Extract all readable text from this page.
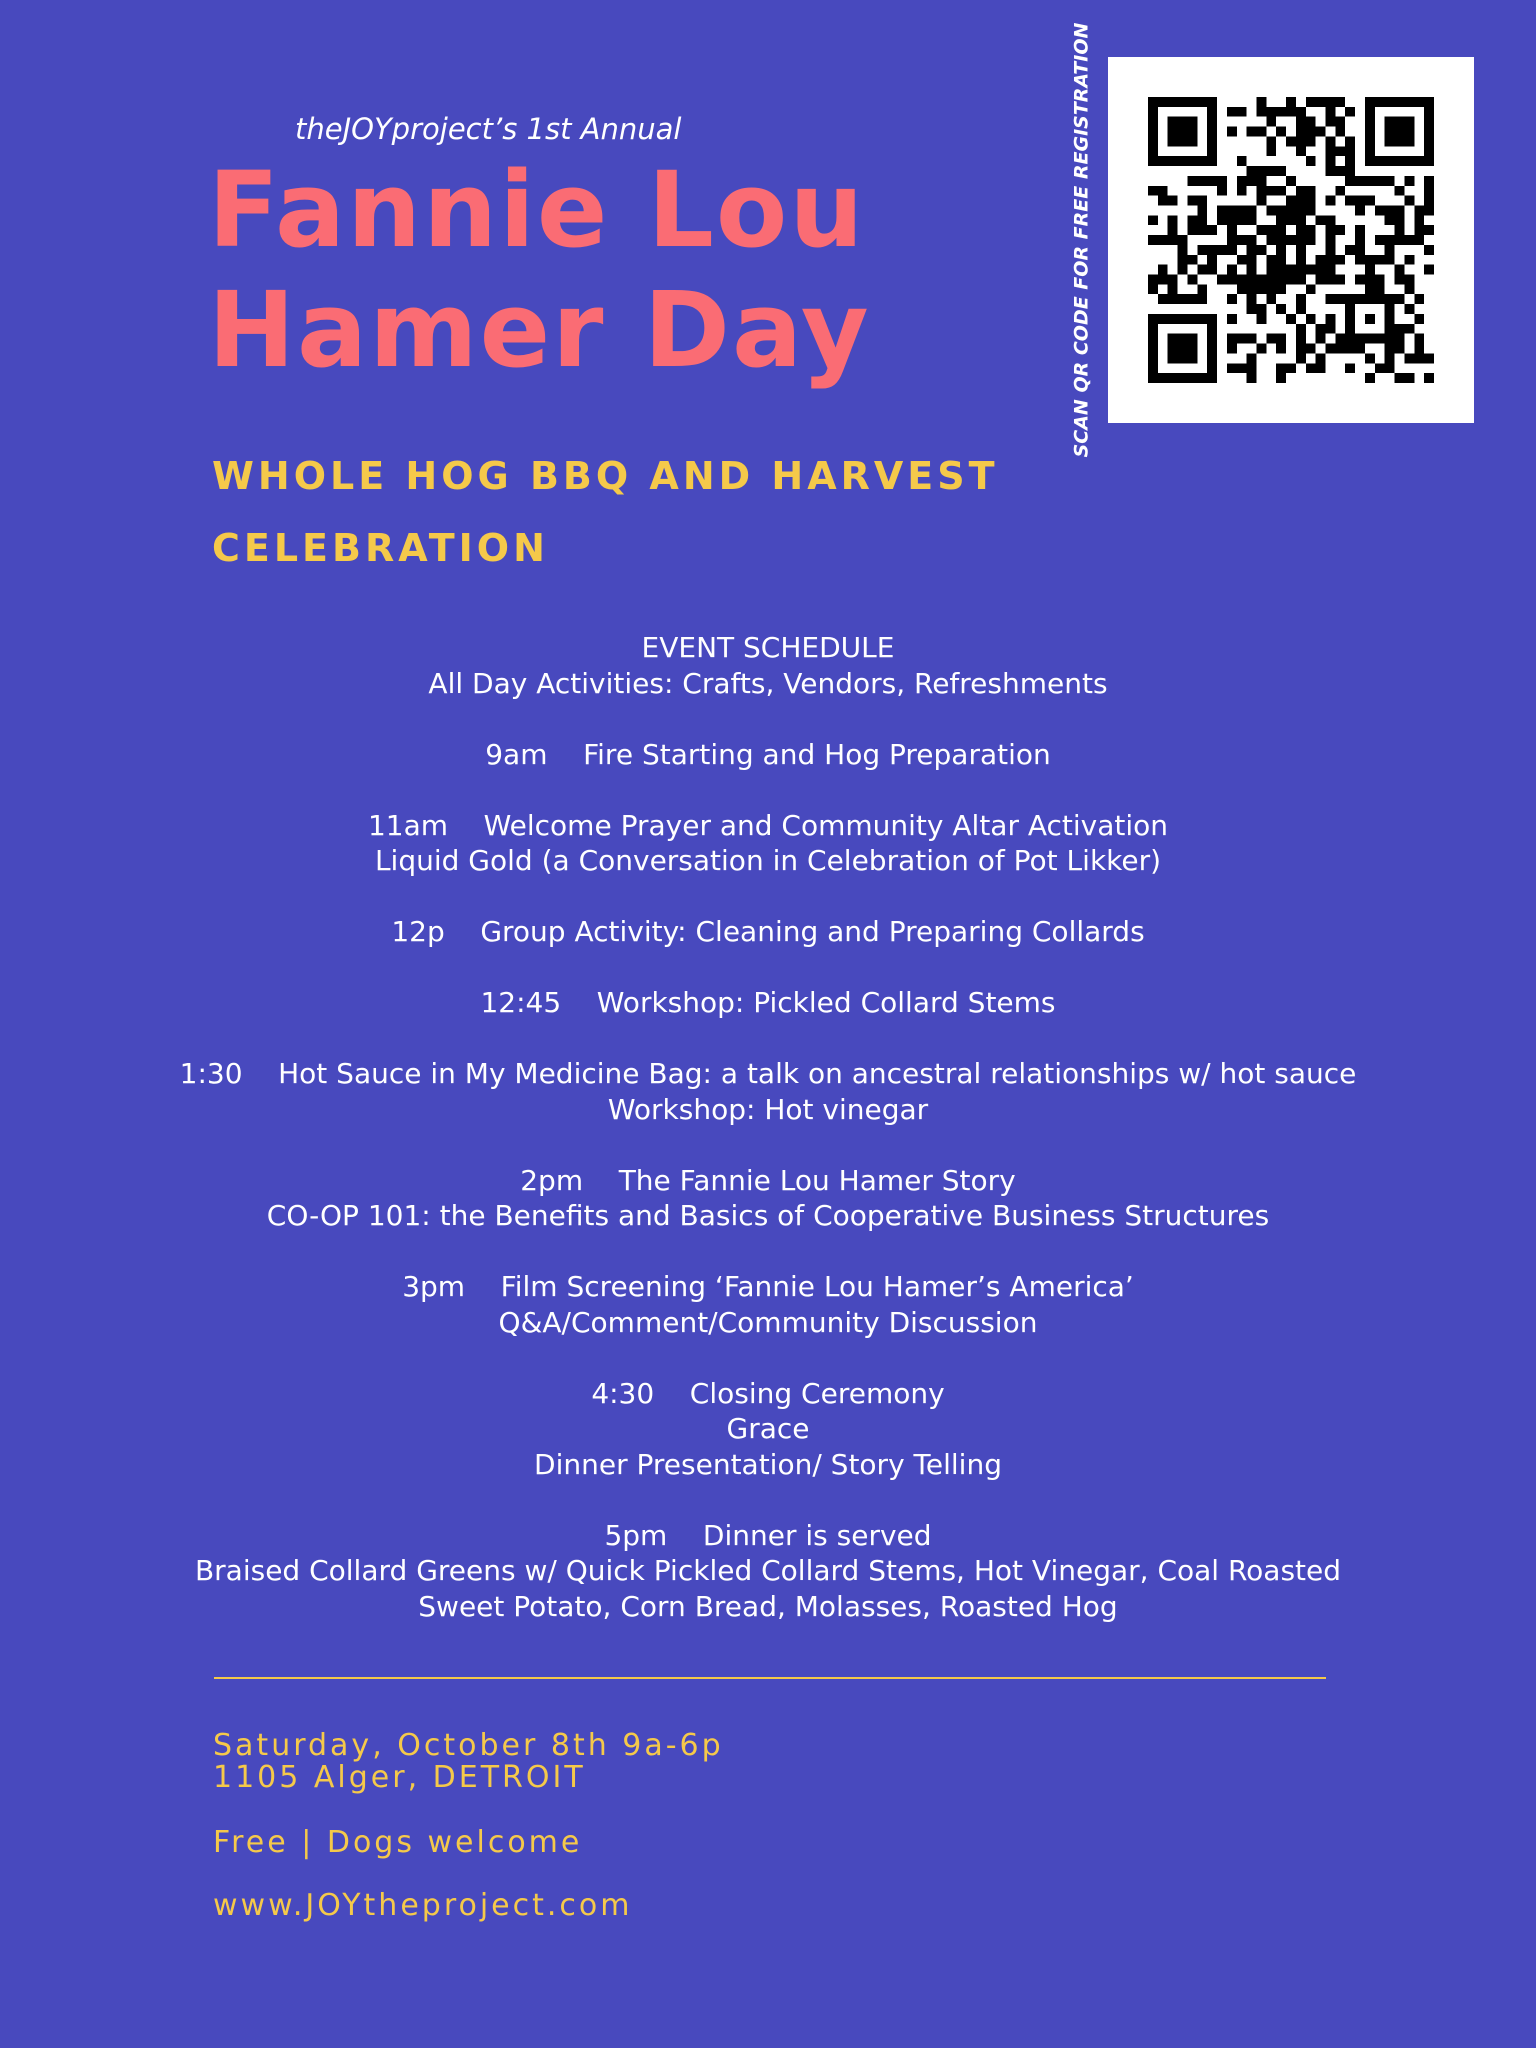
theJOYproject’s 1st Annual
Fannie Lou
Hamer Day
WHOLE HOG BBQ AND HARVEST
CELEBRATION
SCAN QR CODE FOR FREE REGISTRATION
EVENT SCHEDULE
All Day Activities: Crafts, Vendors, Refreshments
9am    Fire Starting and Hog Preparation
11am    Welcome Prayer and Community Altar Activation
Liquid Gold (a Conversation in Celebration of Pot Likker)
12p    Group Activity: Cleaning and Preparing Collards
12:45    Workshop: Pickled Collard Stems
1:30    Hot Sauce in My Medicine Bag: a talk on ancestral relationships w/ hot sauce
Workshop: Hot vinegar
2pm    The Fannie Lou Hamer Story
CO-OP 101: the Benefits and Basics of Cooperative Business Structures
3pm    Film Screening ‘Fannie Lou Hamer’s America’
Q&A/Comment/Community Discussion
4:30    Closing Ceremony
Grace
Dinner Presentation/ Story Telling
5pm    Dinner is served
Braised Collard Greens w/ Quick Pickled Collard Stems, Hot Vinegar, Coal Roasted
Sweet Potato, Corn Bread, Molasses, Roasted Hog
Saturday, October 8th 9a-6p
1105 Alger, DETROIT
Free | Dogs welcome
www.JOYtheproject.com
